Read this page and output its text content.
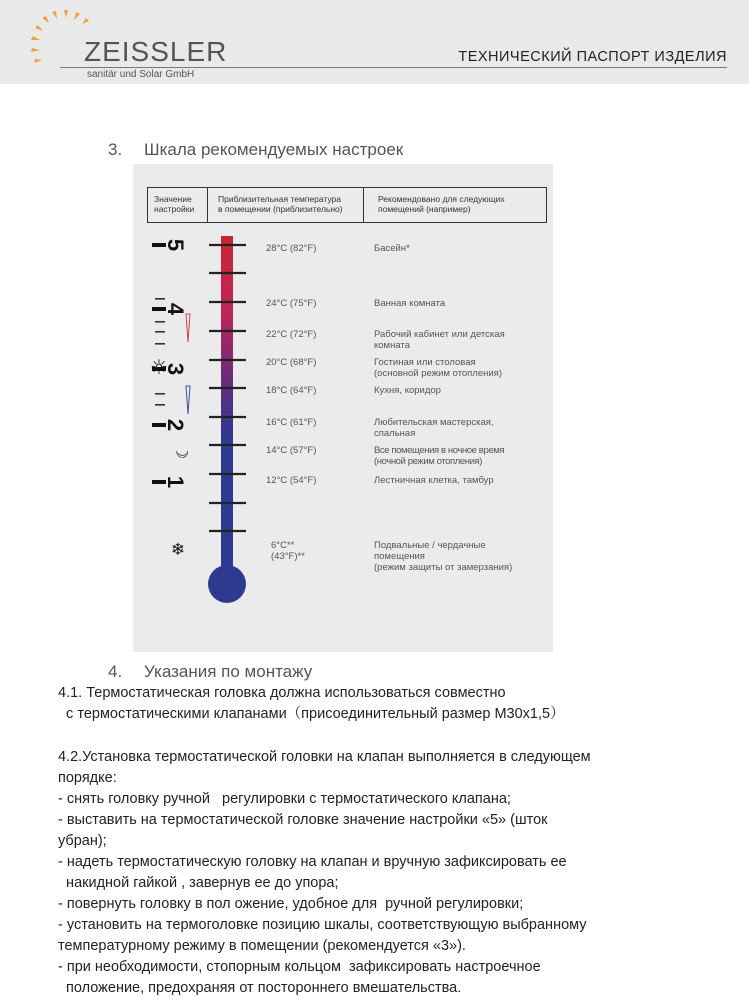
ZEISSLER
sanitär und Solar GmbH
ТЕХНИЧЕСКИЙ ПАСПОРТ ИЗДЕЛИЯ
3. Шкала рекомендуемых настроек
Значение
настройки
Приблизительная температура
в помещении (приблизительно)
Рекомендовано для следующих
помещений (например)
5
4
3
2
1
☼
☽
❄
28°C (82°F)
24°C (75°F)
22°C (72°F)
20°C (68°F)
18°C (64°F)
16°C (61°F)
14°C (57°F)
12°C (54°F)
6°C**
(43°F)**
Басейн*
Ванная комната
Рабочий кабинет или детская
комната
Гостиная или столовая
(основной режим отопления)
Кухня, коридор
Любительская мастерская,
спальная
Все помещения в ночное время
(ночной режим отопления)
Лестничная клетка, тамбур
Подвальные / чердачные
помещения
(режим защиты от замерзания)
4. Указания по монтажу
4.1. Термостатическая головка должна использоваться совместно
с термостатическими клапанами（присоединительный размер М30х1,5）
4.2.Установка термостатической головки на клапан выполняется в следующем
порядке:
- снять головку ручной   регулировки с термостатического клапана;
- выставить на термостатической головке значение настройки «5» (шток
убран);
- надеть термостатическую головку на клапан и вручную зафиксировать ее
накидной гайкой , завернув ее до упора;
- повернуть головку в пол ожение, удобное для  ручной регулировки;
- установить на термоголовке позицию шкалы, соответствующую выбранному
температурному режиму в помещении (рекомендуется «3»).
- при необходимости, стопорным кольцом  зафиксировать настроечное
положение, предохраняя от постороннего вмешательства.
